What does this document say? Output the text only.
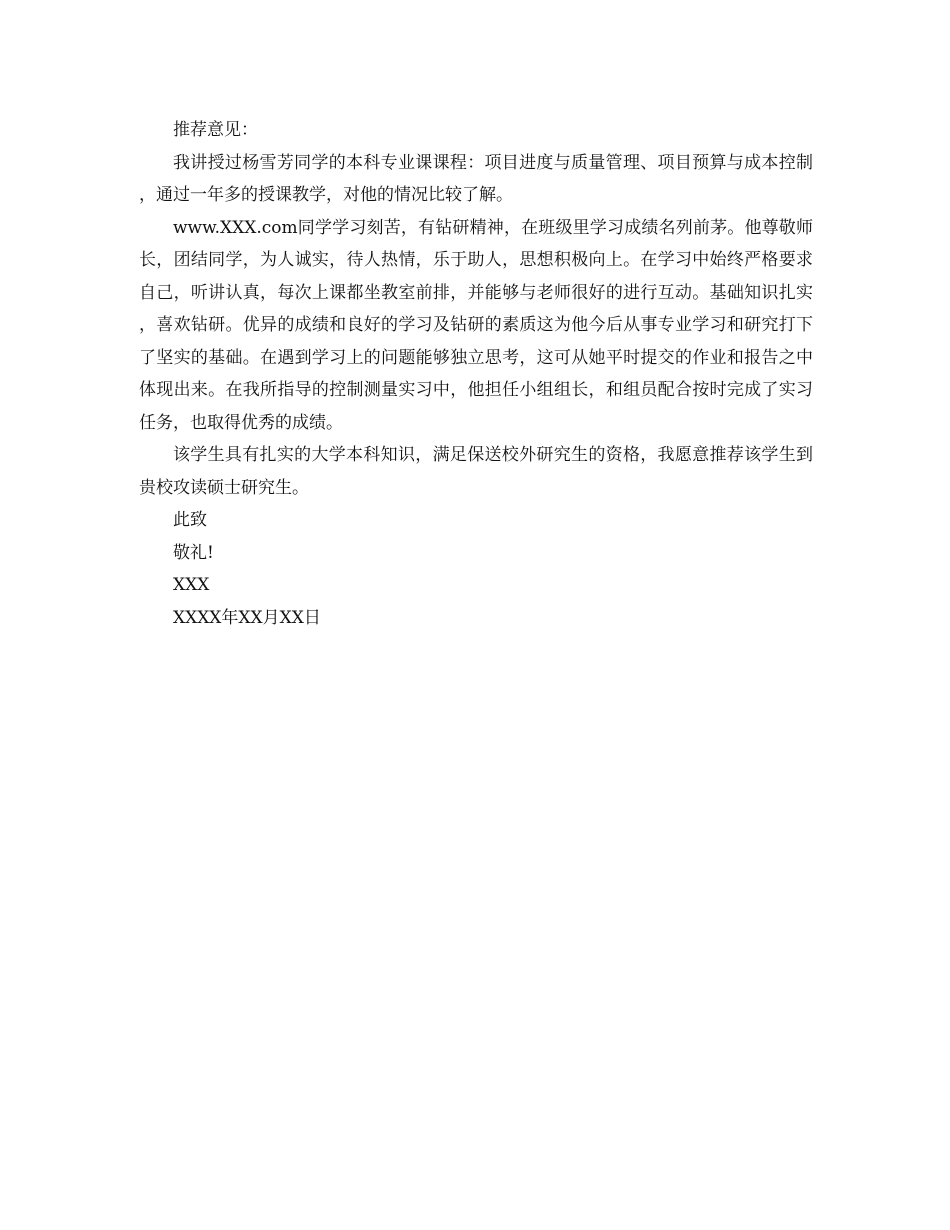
推荐意见：

我讲授过杨雪芳同学的本科专业课课程：项目进度与质量管理、项目预算与成本控制，通过一年多的授课教学，对他的情况比较了解。

www.XXX.com同学学习刻苦，有钻研精神，在班级里学习成绩名列前茅。他尊敬师长，团结同学，为人诚实，待人热情，乐于助人，思想积极向上。在学习中始终严格要求自己，听讲认真，每次上课都坐教室前排，并能够与老师很好的进行互动。基础知识扎实，喜欢钻研。优异的成绩和良好的学习及钻研的素质这为他今后从事专业学习和研究打下了坚实的基础。在遇到学习上的问题能够独立思考，这可从她平时提交的作业和报告之中体现出来。在我所指导的控制测量实习中，他担任小组组长，和组员配合按时完成了实习任务，也取得优秀的成绩。

该学生具有扎实的大学本科知识，满足保送校外研究生的资格，我愿意推荐该学生到贵校攻读硕士研究生。

此致

敬礼!

XXX

XXXX年XX月XX日
